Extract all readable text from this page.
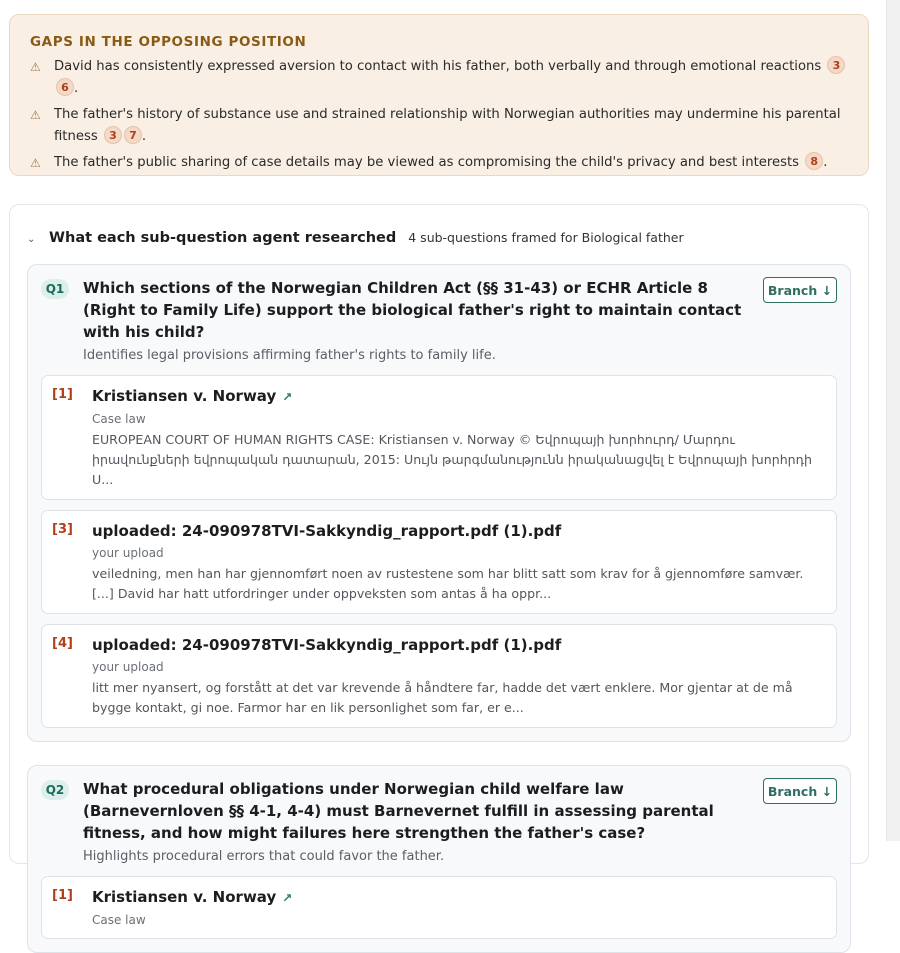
GAPS IN THE OPPOSING POSITION
⚠	David has consistently expressed aversion to contact with his father, both verbally and through emotional reactions 36 .
⚠	The father's history of substance use and strained relationship with Norwegian authorities may undermine his parental fitness 3 7 .
⚠	The father's public sharing of case details may be viewed as compromising the child's privacy and best interests 8 .
⌄ What each sub-question agent researched 4 sub-questions framed for Biological father
Q1	Which sections of the Norwegian Children Act (§§ 31-43) or ECHR Article 8 (Right to Family Life) support the biological father's right to maintain contact with his child?
Branch ↓
Identifies legal provisions affirming father's rights to family life.
[1]	Kristiansen v. Norway ↗
Case law
EUROPEAN COURT OF HUMAN RIGHTS CASE: Kristiansen v. Norway © Եվրոպայի խորհուրդ/ Մարդու իրավունքների եվրոպական դատարան, 2015: Սույն թարգմանությունն իրականացվել է Եվրոպայի խորհրդի Ս...
[3]	uploaded: 24-090978TVI-Sakkyndig_rapport.pdf (1).pdf
your upload
veiledning, men han har gjennomført noen av rustestene som har blitt satt som krav for å gjennomføre samvær. [...] David har hatt utfordringer under oppveksten som antas å ha oppr...
[4]	uploaded: 24-090978TVI-Sakkyndig_rapport.pdf (1).pdf
your upload
litt mer nyansert, og forstått at det var krevende å håndtere far, hadde det vært enklere. Mor gjentar at de må bygge kontakt, gi noe. Farmor har en lik personlighet som far, er e...
Q2	What procedural obligations under Norwegian child welfare law (Barnevernloven §§ 4-1, 4-4) must Barnevernet fulfill in assessing parental fitness, and how might failures here strengthen the father's case?
Branch ↓
Highlights procedural errors that could favor the father.
[1]	Kristiansen v. Norway ↗
Case law
